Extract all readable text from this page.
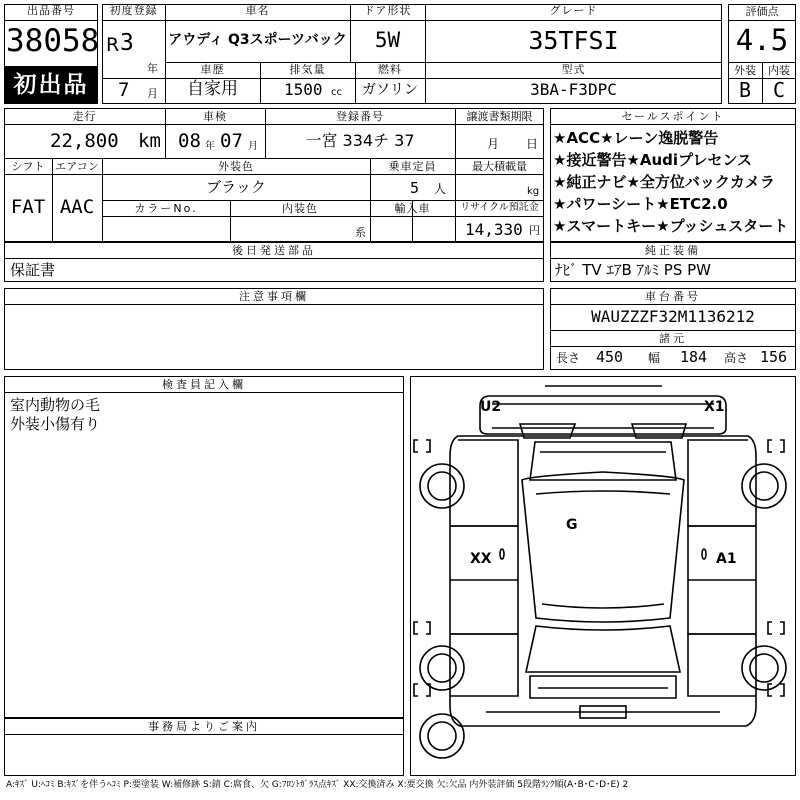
出品番号
38058
初出品
初度登録
R 3
年
7 月
車名
アウディ Q3スポーツバック
ドア形状
5W
グレード
35TFSI
車歴
自家用
排気量
1500 cc
燃料
ガソリン
型式
3BA-F3DPC
評価点
4.5
外装	内装
B	C
走行
22,800 km
車検
08 年 07 月
登録番号
一宮 334チ 37
譲渡書類期限
月 日
シフト
FAT
エアコン
AAC
外装色
ブラック
乗車定員
5 人
最大積載量
kg
カラーNo.	内装色
系
輸入車	リサイクル預託金
14,330 円
セールスポイント
★ACC★レーン逸脱警告
★接近警告★Audiプレセンス
★純正ナビ★全方位バックカメラ
★パワーシート★ETC2.0
★スマートキー★プッシュスタート
後日発送部品
保証書
純正装備
ﾅﾋﾞ TV ｴｱB ｱﾙﾐ PS PW
注意事項欄	車台番号
WAUZZZF32M1136212
諸元
長さ 450 幅 184 高さ 156
検査員記入欄
室内動物の毛
外装小傷有り
事務局よりご案内
U2	X1
G
XX	A1
A:ｷｽﾞ U:ﾍｺﾐ B:ｷｽﾞを伴うﾍｺﾐ P:要塗装 W:補修跡 S:錆 C:腐食、欠 G:ﾌﾛﾝﾄｶﾞﾗｽ点ｷｽﾞ XX:交換済み X:要交換 欠:欠品 内外装評価 5段階ﾗﾝｸ順(A･B･C･D･E) 2
